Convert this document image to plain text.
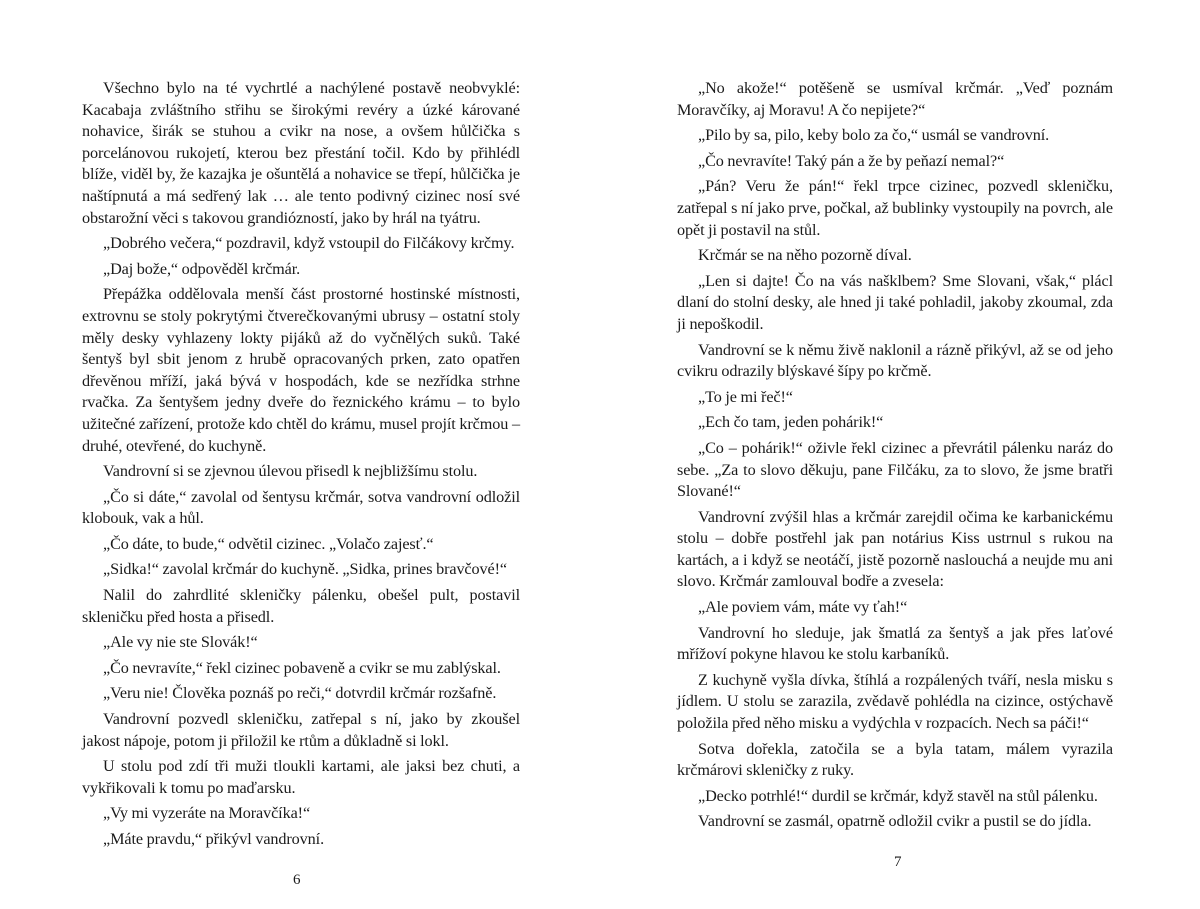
Všechno bylo na té vychrtlé a nachýlené postavě neobvyklé: Kacabaja zvláštního střihu se širokými revéry a úzké kárované nohavice, širák se stuhou a cvikr na nose, a ovšem hůlčička s porcelánovou rukojetí, kterou bez přestání točil. Kdo by přihlédl blíže, viděl by, že kazajka je ošuntělá a nohavice se třepí, hůlčička je naštípnutá a má sedřený lak … ale tento podivný cizinec nosí své obstarožní věci s takovou grandiózností, jako by hrál na tyátru.

„Dobrého večera,“ pozdravil, když vstoupil do Filčákovy krčmy.

„Daj bože,“ odpověděl krčmár.

Přepážka oddělovala menší část prostorné hostinské místnosti, extrovnu se stoly pokrytými čtverečkovanými ubrusy – ostatní stoly měly desky vyhlazeny lokty pijáků až do vyčnělých suků. Také šentyš byl sbit jenom z hrubě opracovaných prken, zato opatřen dřevěnou mříží, jaká bývá v hospodách, kde se nezřídka strhne rvačka. Za šentyšem jedny dveře do řeznického krámu – to bylo užitečné zařízení, protože kdo chtěl do krámu, musel projít krčmou – druhé, otevřené, do kuchyně.

Vandrovní si se zjevnou úlevou přisedl k nejbližšímu stolu.

„Čo si dáte,“ zavolal od šentysu krčmár, sotva vandrovní odložil klobouk, vak a hůl.

„Čo dáte, to bude,“ odvětil cizinec. „Volačo zajesť.“

„Sidka!“ zavolal krčmár do kuchyně. „Sidka, prines bravčové!“

Nalil do zahrdlité skleničky pálenku, obešel pult, postavil skleničku před hosta a přisedl.

„Ale vy nie ste Slovák!“

„Čo nevravíte,“ řekl cizinec pobaveně a cvikr se mu zablýskal.

„Veru nie! Člověka poznáš po reči,“ dotvrdil krčmár rozšafně.

Vandrovní pozvedl skleničku, zatřepal s ní, jako by zkoušel jakost nápoje, potom ji přiložil ke rtům a důkladně si lokl.

U stolu pod zdí tři muži tloukli kartami, ale jaksi bez chuti, a vykřikovali k tomu po maďarsku.

„Vy mi vyzeráte na Moravčíka!“

„Máte pravdu,“ přikývl vandrovní.

6

„No akože!“ potěšeně se usmíval krčmár. „Veď poznám Moravčíky, aj Moravu! A čo nepijete?“

„Pilo by sa, pilo, keby bolo za čo,“ usmál se vandrovní.

„Čo nevravíte! Taký pán a že by peňazí nemal?“

„Pán? Veru že pán!“ řekl trpce cizinec, pozvedl skleničku, zatřepal s ní jako prve, počkal, až bublinky vystoupily na povrch, ale opět ji postavil na stůl.

Krčmár se na něho pozorně díval.

„Len si dajte! Čo na vás našklbem? Sme Slovani, však,“ plácl dlaní do stolní desky, ale hned ji také pohladil, jakoby zkoumal, zda ji nepoškodil.

Vandrovní se k němu živě naklonil a rázně přikývl, až se od jeho cvikru odrazily blýskavé šípy po krčmě.

„To je mi řeč!“

„Ech čo tam, jeden pohárik!“

„Co – pohárik!“ oživle řekl cizinec a převrátil pálenku naráz do sebe. „Za to slovo děkuju, pane Filčáku, za to slovo, že jsme bratři Slované!“

Vandrovní zvýšil hlas a krčmár zarejdil očima ke karbanickému stolu – dobře postřehl jak pan notárius Kiss ustrnul s rukou na kartách, a i když se neotáčí, jistě pozorně naslouchá a neujde mu ani slovo. Krčmár zamlouval bodře a zvesela:

„Ale poviem vám, máte vy ťah!“

Vandrovní ho sleduje, jak šmatlá za šentyš a jak přes laťové mřížoví pokyne hlavou ke stolu karbaníků.

Z kuchyně vyšla dívka, štíhlá a rozpálených tváří, nesla misku s jídlem. U stolu se zarazila, zvědavě pohlédla na cizince, ostýchavě položila před něho misku a vydýchla v rozpacích. Nech sa páči!“

Sotva dořekla, zatočila se a byla tatam, málem vyrazila krčmárovi skleničky z ruky.

„Decko potrhlé!“ durdil se krčmár, když stavěl na stůl pálenku.

Vandrovní se zasmál, opatrně odložil cvikr a pustil se do jídla.

7
